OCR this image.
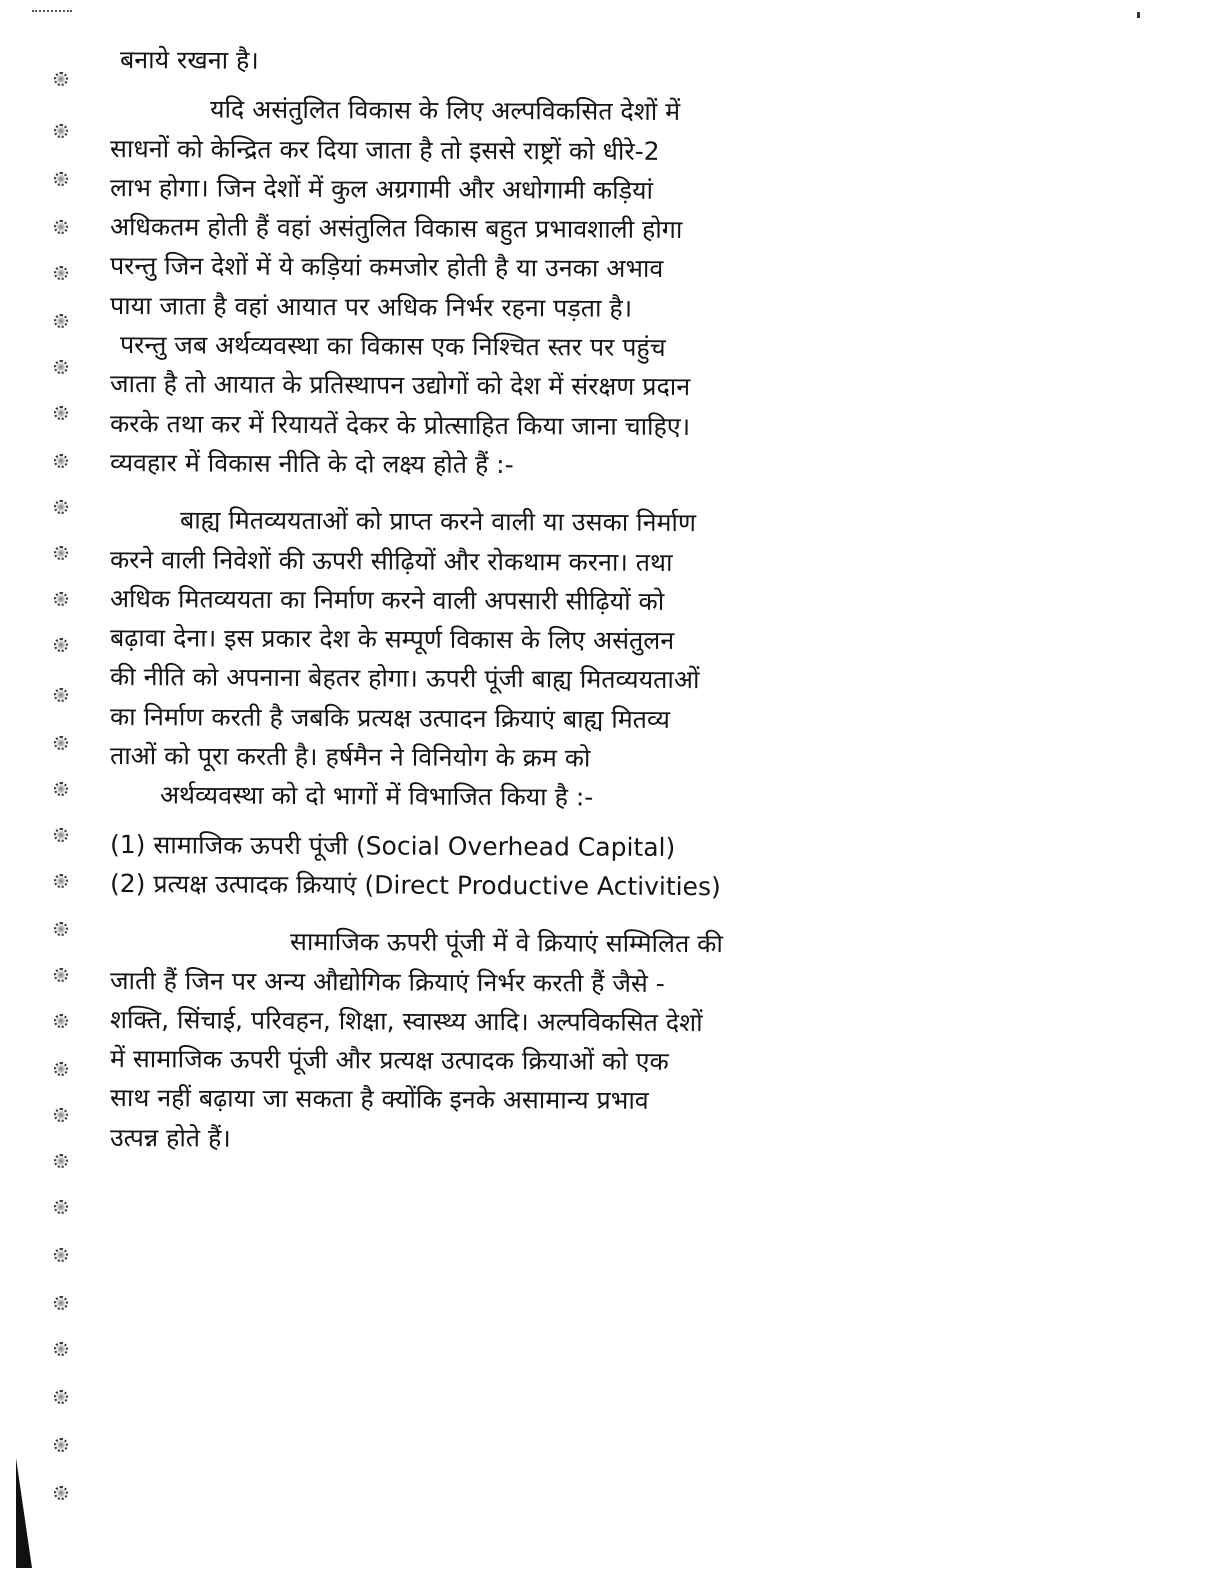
बनाये रखना है।
यदि असंतुलित विकास के लिए अल्पविकसित देशों में
साधनों को केन्द्रित कर दिया जाता है तो इससे राष्ट्रों को धीरे-2
लाभ होगा। जिन देशों में कुल अग्रगामी और अधोगामी कड़ियां
अधिकतम होती हैं वहां असंतुलित विकास बहुत प्रभावशाली होगा
परन्तु जिन देशों में ये कड़ियां कमजोर होती है या उनका अभाव
पाया जाता है वहां आयात पर अधिक निर्भर रहना पड़ता है।
परन्तु जब अर्थव्यवस्था का विकास एक निश्चित स्तर पर पहुंच
जाता है तो आयात के प्रतिस्थापन उद्योगों को देश में संरक्षण प्रदान
करके तथा कर में रियायतें देकर के प्रोत्साहित किया जाना चाहिए।
व्यवहार में विकास नीति के दो लक्ष्य होते हैं :-
बाह्य मितव्ययताओं को प्राप्त करने वाली या उसका निर्माण
करने वाली निवेशों की ऊपरी सीढ़ियों और रोकथाम करना। तथा
अधिक मितव्ययता का निर्माण करने वाली अपसारी सीढ़ियों को
बढ़ावा देना। इस प्रकार देश के सम्पूर्ण विकास के लिए असंतुलन
की नीति को अपनाना बेहतर होगा। ऊपरी पूंजी बाह्य मितव्ययताओं
का निर्माण करती है जबकि प्रत्यक्ष उत्पादन क्रियाएं बाह्य मितव्य
ताओं को पूरा करती है। हर्षमैन ने विनियोग के क्रम को
अर्थव्यवस्था को दो भागों में विभाजित किया है :-
(1) सामाजिक ऊपरी पूंजी (Social Overhead Capital)
(2) प्रत्यक्ष उत्पादक क्रियाएं (Direct Productive Activities)
सामाजिक ऊपरी पूंजी में वे क्रियाएं सम्मिलित की
जाती हैं जिन पर अन्य औद्योगिक क्रियाएं निर्भर करती हैं जैसे -
शक्ति, सिंचाई, परिवहन, शिक्षा, स्वास्थ्य आदि। अल्पविकसित देशों
में सामाजिक ऊपरी पूंजी और प्रत्यक्ष उत्पादक क्रियाओं को एक
साथ नहीं बढ़ाया जा सकता है क्योंकि इनके असामान्य प्रभाव
उत्पन्न होते हैं।
